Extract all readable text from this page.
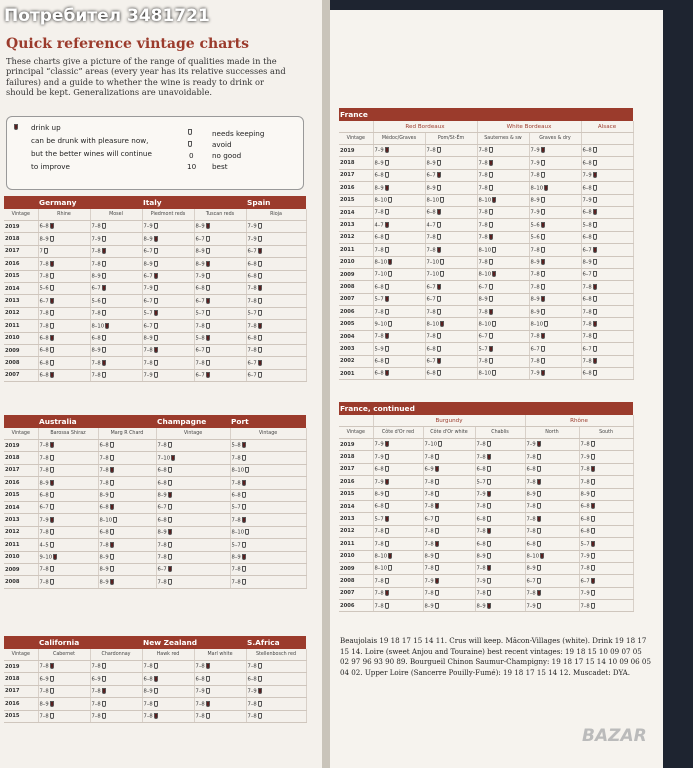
Потребител 3481721
Quick reference vintage charts
These charts give a picture of the range of qualities made in the principal “classic” areas (every year has its relative successes and failures) and a guide to whether the wine is ready to drink or should be kept. Generalizations are unavoidable.
drink up
can be drunk with pleasure now,
but the better wines will continue
to improve
needs keeping
avoid
0	no good
10 best
	Germany		Italy		Spain
Vintage	Rhine	Mosel	Piedmont reds	Tuscan reds	Rioja
2019	6–8	7–8	7–9	8–9	7–9
2018	8–9	7–9	8–9	6–7	7–9
2017	7	7–8	6–7	8–9	6–7
2016	7–8	7–8	8–9	8–9	6–8
2015	7–8	8–9	6–7	7–9	6–8
2014	5–6	6–7	7–9	6–8	7–8
2013	6–7	5–6	6–7	6–7	7–8
2012	7–8	7–8	5–7	5–7	5–7
2011	7–8	8–10	6–7	7–8	7–8
2010	6–8	6–8	8–9	5–8	6–8
2009	6–8	8–9	7–8	6–7	7–8
2008	6–8	7–8	7–8	7–8	6–7
2007	6–8	7–8	7–9	6–7	6–7
	Australia		Champagne	Port
Vintage	Barossa Shiraz	Marg R Chard	Vintage	Vintage
2019	7–8	6–8	7–8	5–8
2018	7–8	7–8	7–10	7–8
2017	7–8	7–8	6–8	8–10
2016	8–9	7–8	6–8	7–8
2015	6–8	8–9	8–9	6–8
2014	6–7	6–8	6–7	5–7
2013	7–9	8–10	6–8	7–8
2012	7–8	6–8	8–9	8–10
2011	4–5	7–8	7–8	5–7
2010	9–10	8–9	7–8	8–9
2009	7–8	8–9	6–7	7–8
2008	7–8	8–9	7–8	7–8
	California		New Zealand		S.Africa
Vintage	Cabernet	Chardonnay	Hawk red	Marl white	Stellenbosch red
2019	7–8	7–8	7–8	7–8	7–8
2018	6–9	6–9	6–8	6–8	6–8
2017	7–8	7–8	8–9	7–9	7–9
2016	8–9	7–8	7–8	7–8	7–8
2015	7–8	7–8	7–8	7–8	7–8
France					
	Red Bordeaux		White Bordeaux		Alsace
Vintage	Médoc/Graves	Pom/St-Ém	Sauternes & sw	Graves & dry	
2019	7–9	7–8	7–8	7–9	6–8
2018	8–9	8–9	7–8	7–9	6–8
2017	6–8	6–7	7–8	7–8	7–9
2016	8–9	8–9	7–8	8–10	6–8
2015	8–10	8–10	8–10	8–9	7–9
2014	7–8	6–8	7–8	7–9	6–8
2013	4–7	4–7	7–8	5–6	5–8
2012	6–8	7–8	7–8	5–6	6–8
2011	7–8	7–8	8–10	7–8	6–7
2010	8–10	7–10	7–8	8–9	8–9
2009	7–10	7–10	8–10	7–8	6–7
2008	6–8	6–7	6–7	7–8	7–8
2007	5–7	6–7	8–9	8–9	6–8
2006	7–8	7–8	7–8	8–9	7–8
2005	9–10	8–10	8–10	8–10	7–8
2004	7–8	7–8	6–7	7–8	7–8
2003	5–9	6–8	5–7	6–7	6–7
2002	6–8	6–7	7–8	7–8	7–8
2001	6–8	6–8	8–10	7–9	6–8
France, continued					
	Burgundy			Rhône	
Vintage	Côte d'Or red	Côte d'Or white	Chablis	North	South
2019	7–9	7–10	7–8	7–9	7–8
2018	7–9	7–8	7–8	7–8	7–9
2017	6–8	6–9	6–8	6–8	7–8
2016	7–9	7–8	5–7	7–8	7–8
2015	8–9	7–8	7–9	8–9	8–9
2014	6–8	7–8	7–8	7–8	6–8
2013	5–7	6–7	6–8	7–8	6–8
2012	7–8	7–8	7–8	7–8	6–8
2011	7–8	7–8	6–8	6–8	5–7
2010	8–10	8–9	8–9	8–10	7–9
2009	8–10	7–8	7–8	8–9	7–8
2008	7–8	7–9	7–9	6–7	6–7
2007	7–8	7–8	7–8	7–8	7–9
2006	7–8	8–9	8–9	7–9	7–8
Beaujolais 19 18 17 15 14 11. Crus will keep. Mâcon-Villages (white). Drink 19 18 17 15 14. Loire (sweet Anjou and Touraine) best recent vintages: 19 18 15 10 09 07 05 02 97 96 93 90 89. Bourgueil Chinon Saumur-Champigny: 19 18 17 15 14 10 09 06 05 04 02. Upper Loire (Sancerre Pouilly-Fumé): 19 18 17 15 14 12. Muscadet: DYA.
BAZAR
